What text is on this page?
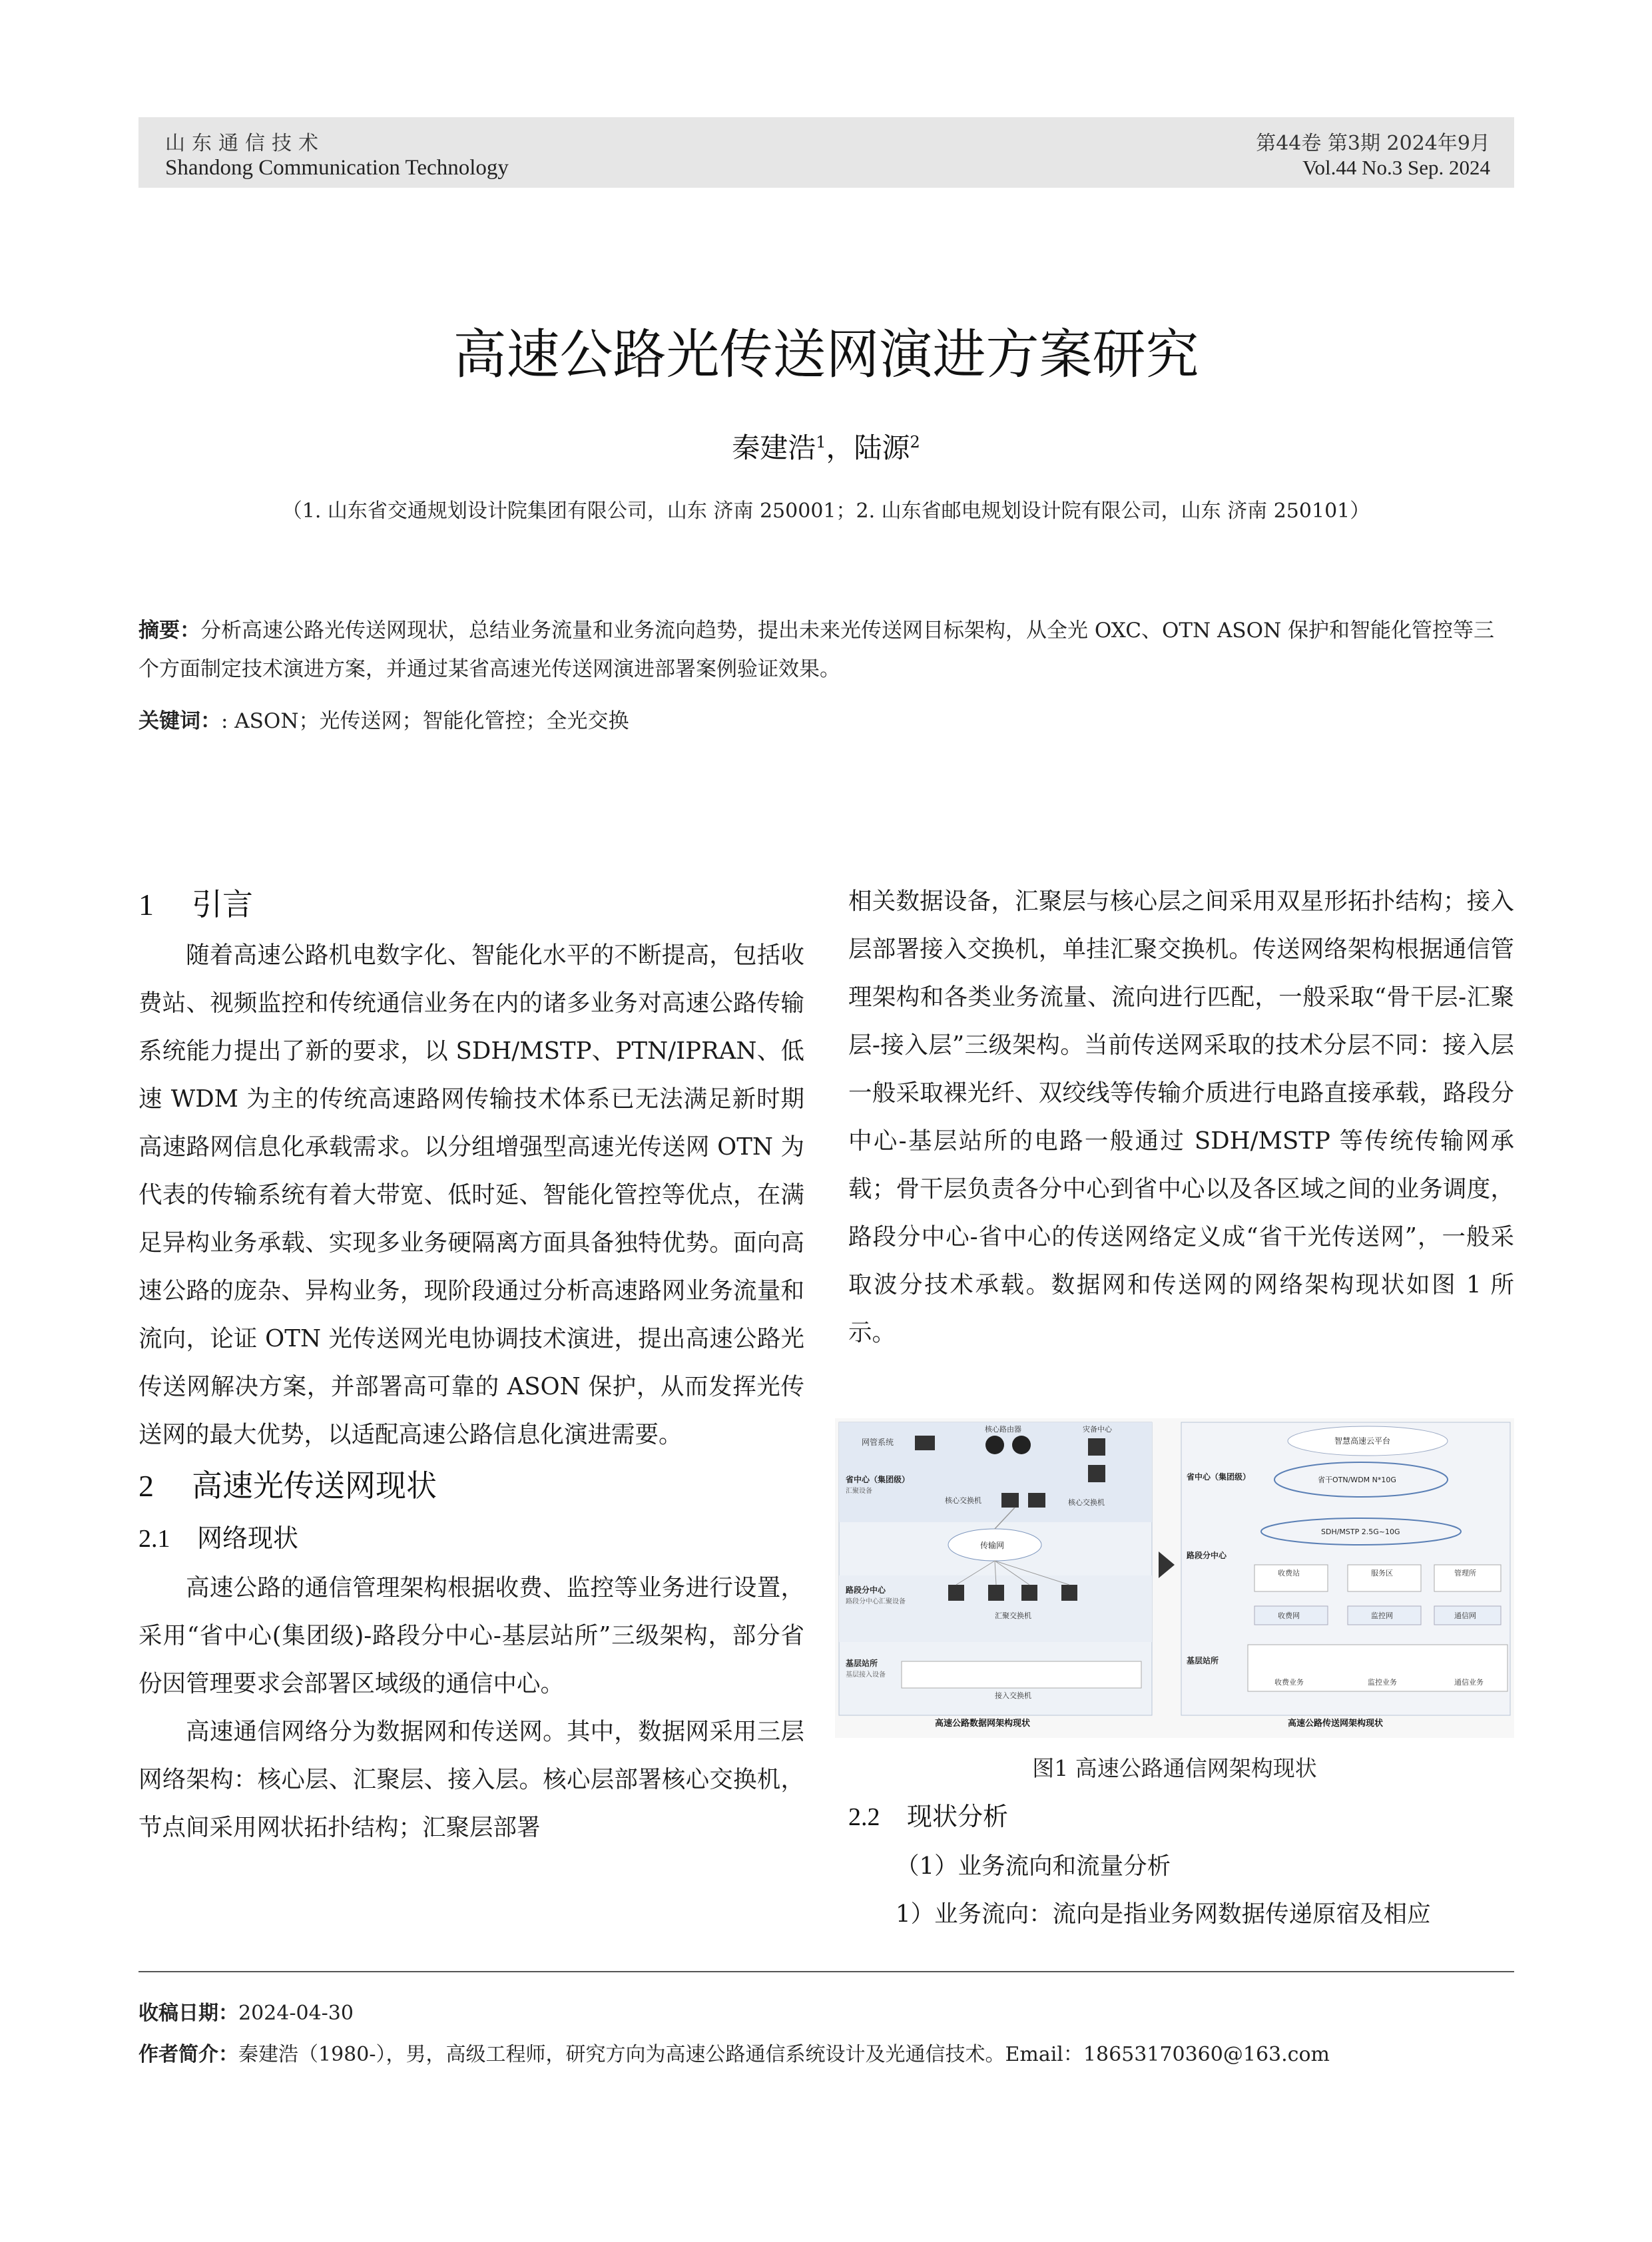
山东通信技术
Shandong Communication Technology
第44卷 第3期 2024年9月
Vol.44 No.3 Sep. 2024
高速公路光传送网演进方案研究
秦建浩$^1$，陆源$^2$
（1. 山东省交通规划设计院集团有限公司，山东 济南 250001；2. 山东省邮电规划设计院有限公司，山东 济南 250101）
摘要：分析高速公路光传送网现状，总结业务流量和业务流向趋势，提出未来光传送网目标架构，从全光 OXC、OTN ASON 保护和智能化管控等三个方面制定技术演进方案，并通过某省高速光传送网演进部署案例验证效果。
关键词：: ASON；光传送网；智能化管控；全光交换
1 引言

随着高速公路机电数字化、智能化水平的不断提高，包括收费站、视频监控和传统通信业务在内的诸多业务对高速公路传输系统能力提出了新的要求，以 SDH/MSTP、PTN/IPRAN、低速 WDM 为主的传统高速路网传输技术体系已无法满足新时期高速路网信息化承载需求。以分组增强型高速光传送网 OTN 为代表的传输系统有着大带宽、低时延、智能化管控等优点，在满足异构业务承载、实现多业务硬隔离方面具备独特优势。面向高速公路的庞杂、异构业务，现阶段通过分析高速路网业务流量和流向，论证 OTN 光传送网光电协调技术演进，提出高速公路光传送网解决方案，并部署高可靠的 ASON 保护，从而发挥光传送网的最大优势，以适配高速公路信息化演进需要。

2 高速光传送网现状
2.1 网络现状

高速公路的通信管理架构根据收费、监控等业务进行设置，采用“省中心(集团级)-路段分中心-基层站所”三级架构，部分省份因管理要求会部署区域级的通信中心。

高速通信网络分为数据网和传送网。其中，数据网采用三层网络架构：核心层、汇聚层、接入层。核心层部署核心交换机，节点间采用网状拓扑结构；汇聚层部署

相关数据设备，汇聚层与核心层之间采用双星形拓扑结构；接入层部署接入交换机，单挂汇聚交换机。传送网络架构根据通信管理架构和各类业务流量、流向进行匹配，一般采取“骨干层-汇聚层-接入层”三级架构。当前传送网采取的技术分层不同：接入层一般采取裸光纤、双绞线等传输介质进行电路直接承载，路段分中心-基层站所的电路一般通过 SDH/MSTP 等传统传输网承载；骨干层负责各分中心到省中心以及各区域之间的业务调度，路段分中心-省中心的传送网络定义成“省干光传送网”，一般采取波分技术承载。数据网和传送网的网络架构现状如图 1 所示。

网管系统
核心路由器	灾备中心
省中心（集团级）
汇聚设备
核心交换机	核心交换机
传输网
路段分中心
路段分中心汇聚设备
汇聚交换机
基层站所
基层接入设备
接入交换机
高速公路数据网架构现状
智慧高速云平台
省中心（集团级）	省干OTN/WDM N*10G
SDH/MSTP 2.5G~10G
路段分中心
收费站	服务区	管理所
收费网	监控网	通信网
基层站所
收费业务	监控业务	通信业务
高速公路传送网架构现状
图1 高速公路通信网架构现状
2.2 现状分析

（1）业务流向和流量分析

1）业务流向：流向是指业务网数据传递原宿及相应

收稿日期：2024-04-30
作者简介：秦建浩（1980-），男，高级工程师，研究方向为高速公路通信系统设计及光通信技术。Email：18653170360@163.com
